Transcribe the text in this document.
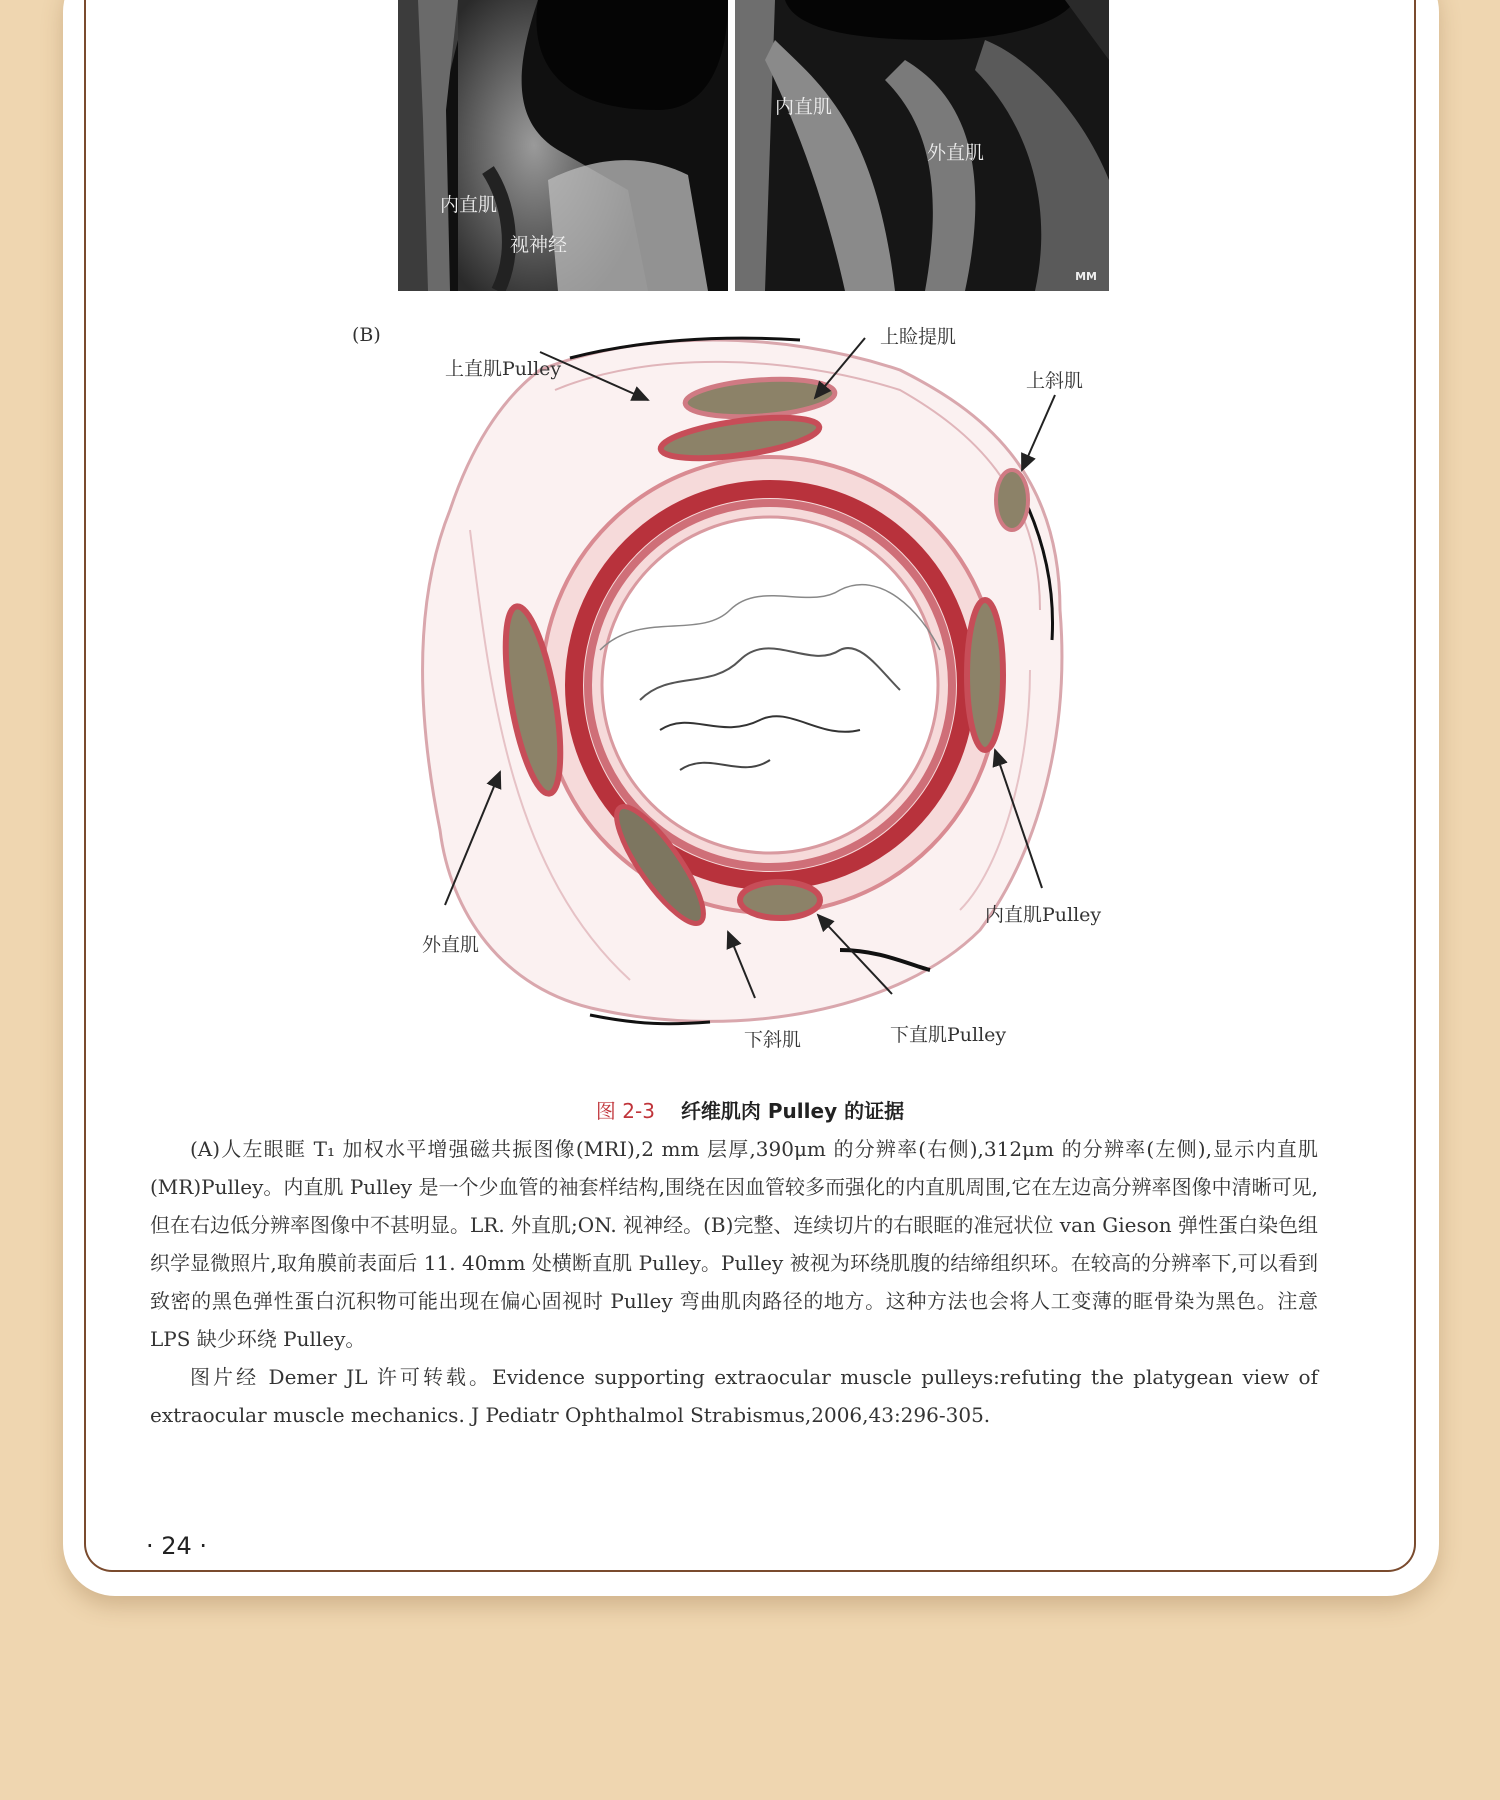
内直肌
视神经
内直肌
外直肌
MM
(B)
上直肌Pulley
上睑提肌
上斜肌
内直肌Pulley
外直肌
下斜肌	下直肌Pulley
图 2-3 纤维肌肉 Pulley 的证据

(A)人左眼眶 T₁ 加权水平增强磁共振图像(MRI),2 mm 层厚,390μm 的分辨率(右侧),312μm 的分辨率(左侧),显示内直肌(MR)Pulley。内直肌 Pulley 是一个少血管的袖套样结构,围绕在因血管较多而强化的内直肌周围,它在左边高分辨率图像中清晰可见,但在右边低分辨率图像中不甚明显。LR. 外直肌;ON. 视神经。(B)完整、连续切片的右眼眶的准冠状位 van Gieson 弹性蛋白染色组织学显微照片,取角膜前表面后 11. 40mm 处横断直肌 Pulley。Pulley 被视为环绕肌腹的结缔组织环。在较高的分辨率下,可以看到致密的黑色弹性蛋白沉积物可能出现在偏心固视时 Pulley 弯曲肌肉路径的地方。这种方法也会将人工变薄的眶骨染为黑色。注意 LPS 缺少环绕 Pulley。

图片经 Demer JL 许可转载。Evidence supporting extraocular muscle pulleys:refuting the platygean view of extraocular muscle mechanics. J Pediatr Ophthalmol Strabismus,2006,43:296-305.

· 24 ·
